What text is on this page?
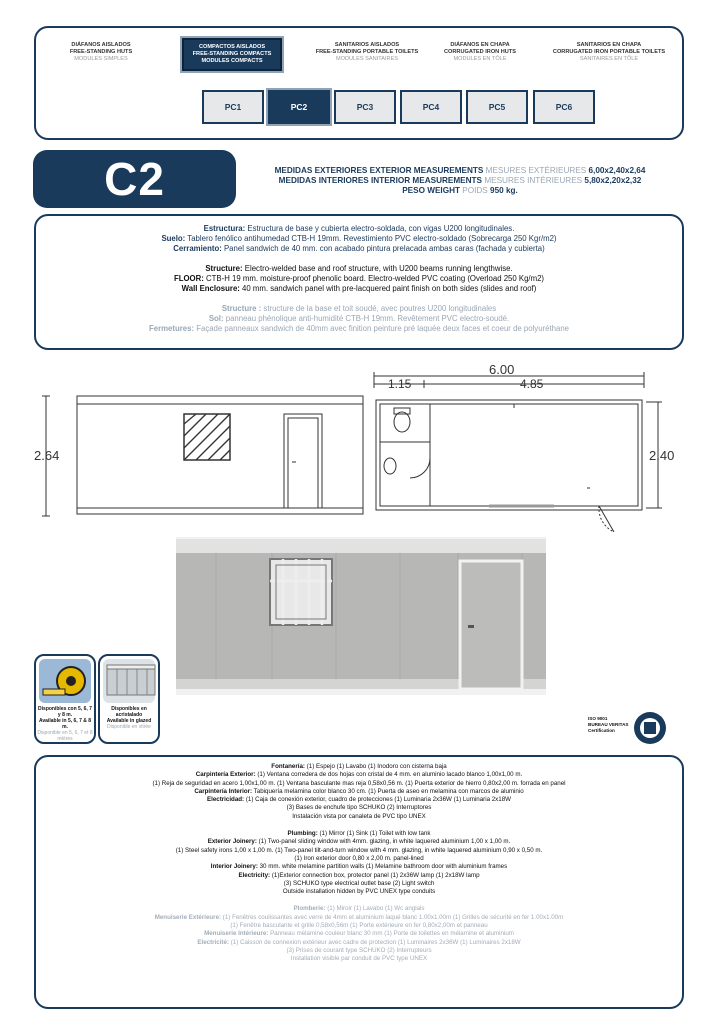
DIÁFANOS AISLADOS
FREE-STANDING HUTS
MODULES SIMPLES
COMPACTOS AISLADOS
FREE-STANDING COMPACTS
MODULES COMPACTS
SANITARIOS AISLADOS
FREE-STANDING PORTABLE TOILETS
MODULES SANITAIRES
DIÁFANOS EN CHAPA
CORRUGATED IRON HUTS
MODULES EN TÔLE
SANITARIOS EN CHAPA
CORRUGATED IRON PORTABLE TOILETS
SANITAIRES EN TÔLE
PC1	PC2	PC3	PC4	PC5	PC6
C2	MEDIDAS EXTERIORES EXTERIOR MEASUREMENTS MESURES EXTÉRIEURES 6,00x2,40x2,64
MEDIDAS INTERIORES INTERIOR MEASUREMENTS MESURES INTÉRIEURES 5,80x2,20x2,32
PESO WEIGHT POIDS 950 kg.
Estructura: Estructura de base y cubierta electro-soldada, con vigas U200 longitudinales.
Suelo: Tablero fenólico antihumedad CTB-H 19mm. Revestimiento PVC electro-soldado (Sobrecarga 250 Kgr/m2)
Cerramiento: Panel sandwich de 40 mm. con acabado pintura prelacada ambas caras (fachada y cubierta)
Structure: Electro-welded base and roof structure, with U200 beams running lengthwise.
FLOOR: CTB-H 19 mm. moisture-proof phenolic board. Electro-welded PVC coating (Overload 250 Kg/m2)
Wall Enclosure: 40 mm. sandwich panel with pre-lacquered paint finish on both sides (slides and roof)
Structure : structure de la base et toit soudé, avec poutres U200 longitudinales
Sol: panneau phénolique anti-humidité CTB-H 19mm. Revêtement PVC electro-soudé.
Fermetures: Façade panneaux sandwich de 40mm avec finition peinture pré laquée deux faces et coeur de polyuréthane
2.64
6.00
1.15	4.85
2.40
Disponibles con 5, 6, 7 y 8 m.
Available in 5, 6, 7 & 8 m.
Disponible en 5, 6, 7 et 8 mètres
Disponibles en acristalado
Available in glazed
Disponible en vitrée
ISO 9001
BUREAU VERITAS
Certification
Fontanería: (1) Espejo (1) Lavabo (1) Inodoro con cisterna baja
Carpintería Exterior: (1) Ventana corredera de dos hojas con cristal de 4 mm. en aluminio lacado blanco 1,00x1,00 m.
(1) Reja de seguridad en acero 1,00x1,00 m. (1) Ventana basculante mas reja 0,58x0,56 m. (1) Puerta exterior de hierro 0,80x2,00 m. forrada en panel
Carpintería Interior: Tabiquería melamina color blanco 30 cm. (1) Puerta de aseo en melamina con marcos de aluminio
Electricidad: (1) Caja de conexión exterior, cuadro de protecciones (1) Luminaria 2x36W (1) Luminaria 2x18W
(3) Bases de enchufe tipo SCHUKO (2) Interruptores
Instalación vista por canaleta de PVC tipo UNEX
Plumbing: (1) Mirror (1) Sink (1) Toilet with low tank
Exterior Joinery: (1) Two-panel sliding window with 4mm. glazing, in white laquered aluminium 1,00 x 1,00 m.
(1) Steel safety irons 1,00 x 1,00 m. (1) Two-panel tilt-and-turn window with 4 mm. glazing, in white laquered aluminium 0,90 x 0,50 m.
(1) Iron exterior door 0,80 x 2,00 m. panel-lined
Interior Joinery: 30 mm. white melamine partition walls (1) Melamine bathroom door with aluminium frames
Electricity: (1)Exterior connection box, protector panel (1) 2x36W lamp (1) 2x18W lamp
(3) SCHUKO type electrical outlet base (2) Light switch
Outside installation hidden by PVC UNEX type conduits
Plomberie: (1) Miroir (1) Lavabo (1) Wc anglais
Menuiserie Extérieure: (1) Fenêtres coulissantes avec verre de 4mm et aluminium laqué blanc 1.00x1.00m (1) Grilles de sécurité en fer 1.00x1.00m
(1) Fenêtre basculante et grille 0,58x0,56m (1) Porte extérieure en fer 0,80x2,00m et panneau
Menuiserie Intérieure: Panneau mélamine couleur blanc 30 mm (1) Porte de toilettes en mélamine et aluminium
Electricité: (1) Caisson de connexion extérieur avec cadre de protection (1) Luminaires 2x36W (1) Luminaires 2x18W
(3) Prises de courant type SCHUKO (2) Interrupteurs
Installation visible par conduit de PVC type UNEX
